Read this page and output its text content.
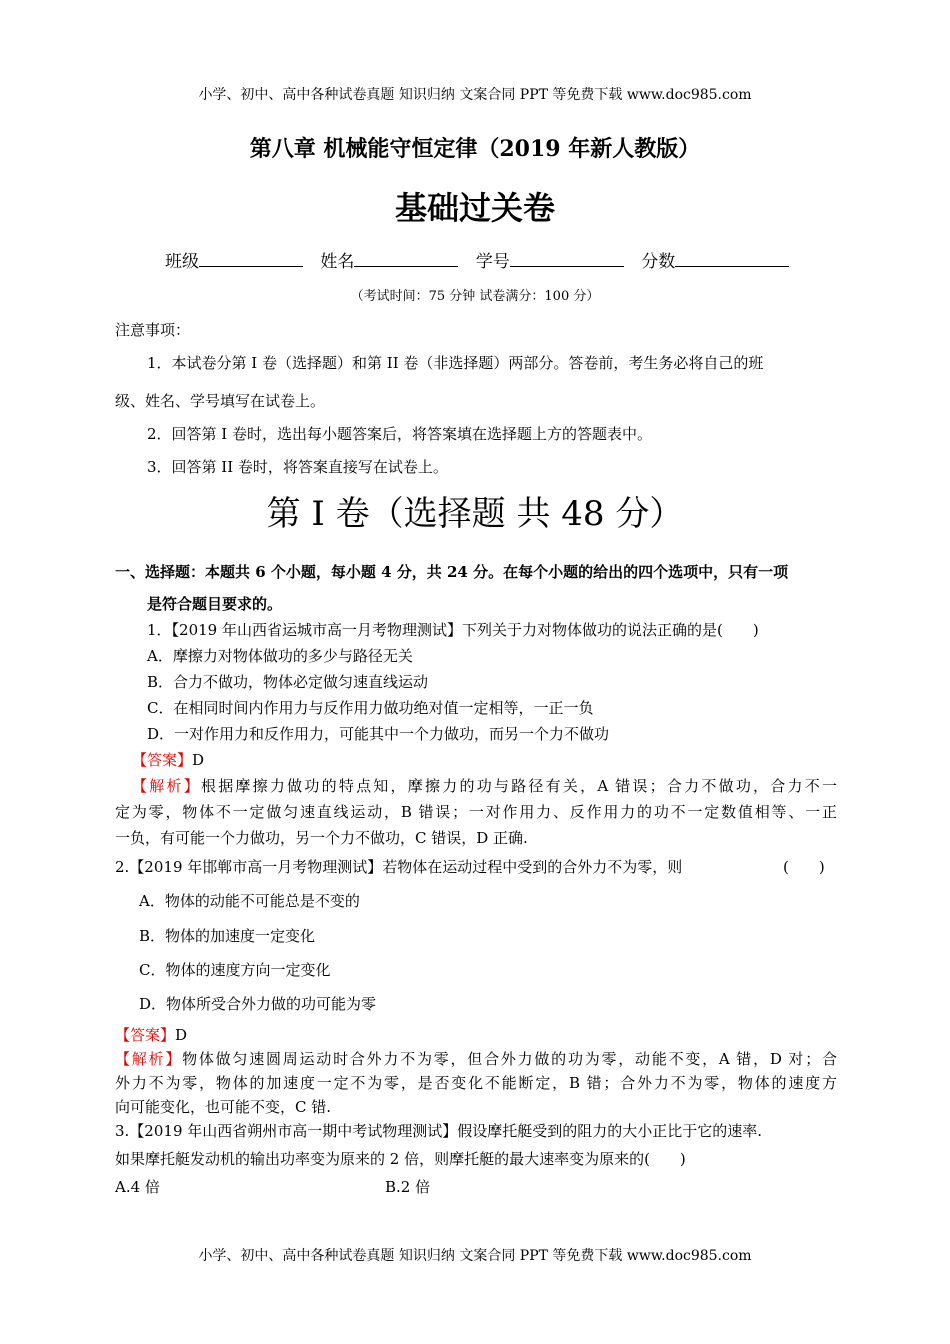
小学、初中、高中各种试卷真题 知识归纳 文案合同 PPT 等免费下载 www.doc985.com
第八章 机械能守恒定律（2019 年新人教版）
基础过关卷
班级	姓名	学号	分数
（考试时间：75 分钟 试卷满分：100 分）
注意事项：
1．本试卷分第 I 卷（选择题）和第 II 卷（非选择题）两部分。答卷前，考生务必将自己的班
级、姓名、学号填写在试卷上。
2．回答第 I 卷时，选出每小题答案后，将答案填在选择题上方的答题表中。
3．回答第 II 卷时，将答案直接写在试卷上。
第 I 卷（选择题 共 48 分）
一、选择题：本题共 6 个小题，每小题 4 分，共 24 分。在每个小题的给出的四个选项中，只有一项
是符合题目要求的。
1．【2019 年山西省运城市高一月考物理测试】下列关于力对物体做功的说法正确的是(　　)
A．摩擦力对物体做功的多少与路径无关
B．合力不做功，物体必定做匀速直线运动
C．在相同时间内作用力与反作用力做功绝对值一定相等，一正一负
D．一对作用力和反作用力，可能其中一个力做功，而另一个力不做功
【答案】D
【解析】根据摩擦力做功的特点知，摩擦力的功与路径有关，A 错误；合力不做功，合力不一
定为零，物体不一定做匀速直线运动，B 错误；一对作用力、反作用力的功不一定数值相等、一正
一负，有可能一个力做功，另一个力不做功，C 错误，D 正确.
2.【2019 年邯郸市高一月考物理测试】若物体在运动过程中受到的合外力不为零，则	(　　)
A．物体的动能不可能总是不变的
B．物体的加速度一定变化
C．物体的速度方向一定变化
D．物体所受合外力做的功可能为零
【答案】D
【解析】物体做匀速圆周运动时合外力不为零，但合外力做的功为零，动能不变，A 错，D 对；合
外力不为零，物体的加速度一定不为零，是否变化不能断定，B 错；合外力不为零，物体的速度方
向可能变化，也可能不变，C 错.
3.【2019 年山西省朔州市高一期中考试物理测试】假设摩托艇受到的阻力的大小正比于它的速率.
如果摩托艇发动机的输出功率变为原来的 2 倍，则摩托艇的最大速率变为原来的(　　)
A.4 倍	B.2 倍
小学、初中、高中各种试卷真题 知识归纳 文案合同 PPT 等免费下载 www.doc985.com
